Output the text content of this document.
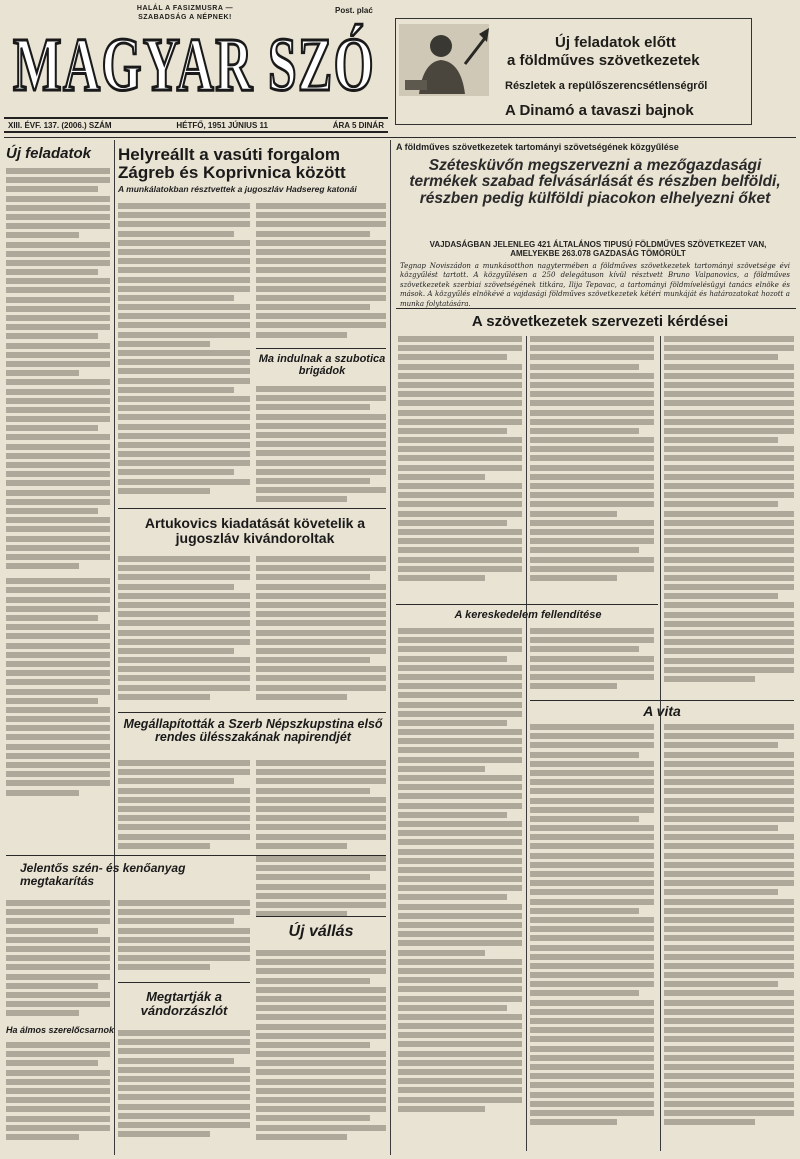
HALÁL A FASIZMUSRA — SZABADSÁG A NÉPNEK!
Post. plać
MAGYAR SZÓ
XIII. ÉVF. 137. (2006.) SZÁM	HÉTFŐ, 1951 JÚNIUS 11	ÁRA 5 DINÁR
Új feladatok előtt
a földműves szövetkezetek
Részletek a repülőszerencsétlenségről
A Dinamó a tavaszi bajnok
Új feladatok
Jelentős szén- és kenőanyag megtakarítás
Ha álmos szerelőcsarnok
Helyreállt a vasúti forgalom Zágreb és Koprivnica között
A munkálatokban résztvettek a jugoszláv Hadsereg katonái
Ma indulnak a szubotica brigádok
Artukovics kiadatását követelik a jugoszláv kivándoroltak
Megállapították a Szerb Népszkupstina első rendes ülésszakának napirendjét
Megtartják a vándorzászlót
Új vállás
A földműves szövetkezetek tartományi szövetségének közgyűlése
Szétesküvőn megszervezni a mezőgazdasági termékek szabad felvásárlását és részben belföldi, részben pedig külföldi piacokon elhelyezni őket
VAJDASÁGBAN JELENLEG 421 ÁLTALÁNOS TIPUSÚ FÖLDMŰVES SZÖVETKEZET VAN, AMELYEKBE 263.078 GAZDASÁG TÖMÖRÜLT
Tegnap Noviszádon a munkásotthon nagytermében a földműves szövetkezetek tartományi szövetsége évi közgyűlést tartott. A közgyűlésen a 250 delegátuson kívül résztvett Bruno Valpanovics, a földműves szövetkezetek szerbiai szövetségének titkára, Ilija Tepavac, a tartományi földmívelésügyi tanács elnöke és mások. A közgyűlés elnökévé a vajdasági földműves szövetkezetek kétéri munkáját és határozatokat hozott a munka folytatására.
A szövetkezetek szervezeti kérdései
A kereskedelem fellendítése
A vita
